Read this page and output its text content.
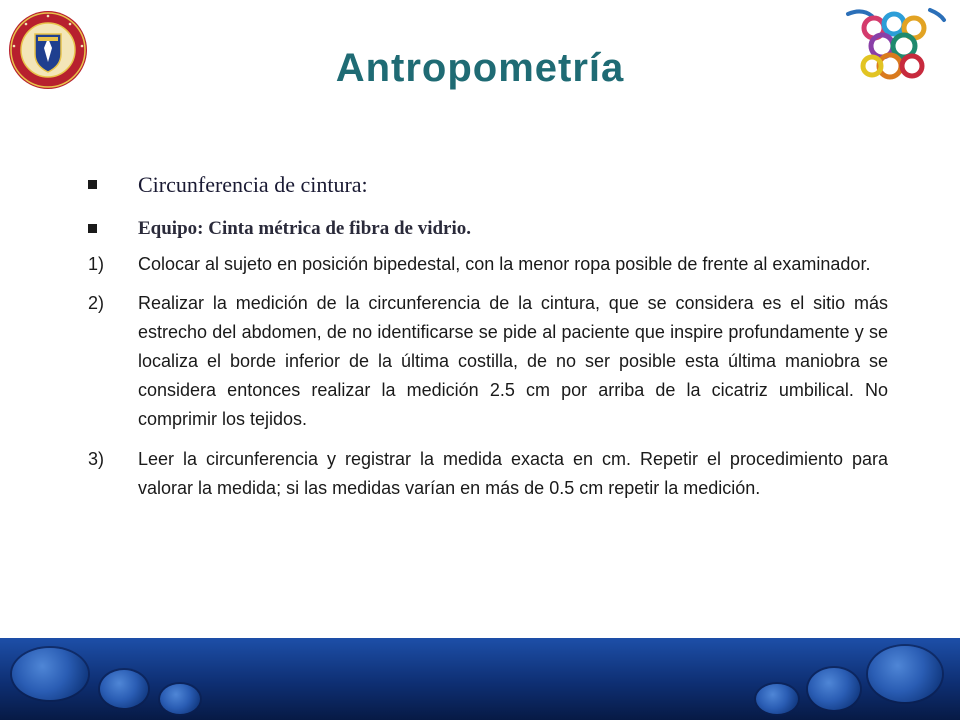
Antropometría
Circunferencia de cintura:
Equipo: Cinta métrica de fibra de vidrio.
1) Colocar al sujeto en posición bipedestal, con la menor ropa posible de frente al examinador.
2) Realizar la medición de la circunferencia de la cintura, que se considera es el sitio más estrecho del abdomen, de no identificarse se pide al paciente que inspire profundamente y se localiza el borde inferior de la última costilla, de no ser posible esta última maniobra se considera entonces realizar la medición 2.5 cm por arriba de la cicatriz umbilical. No comprimir los tejidos.
3) Leer la circunferencia y registrar la medida exacta en cm. Repetir el procedimiento para valorar la medida; si las medidas varían en más de 0.5 cm repetir la medición.
